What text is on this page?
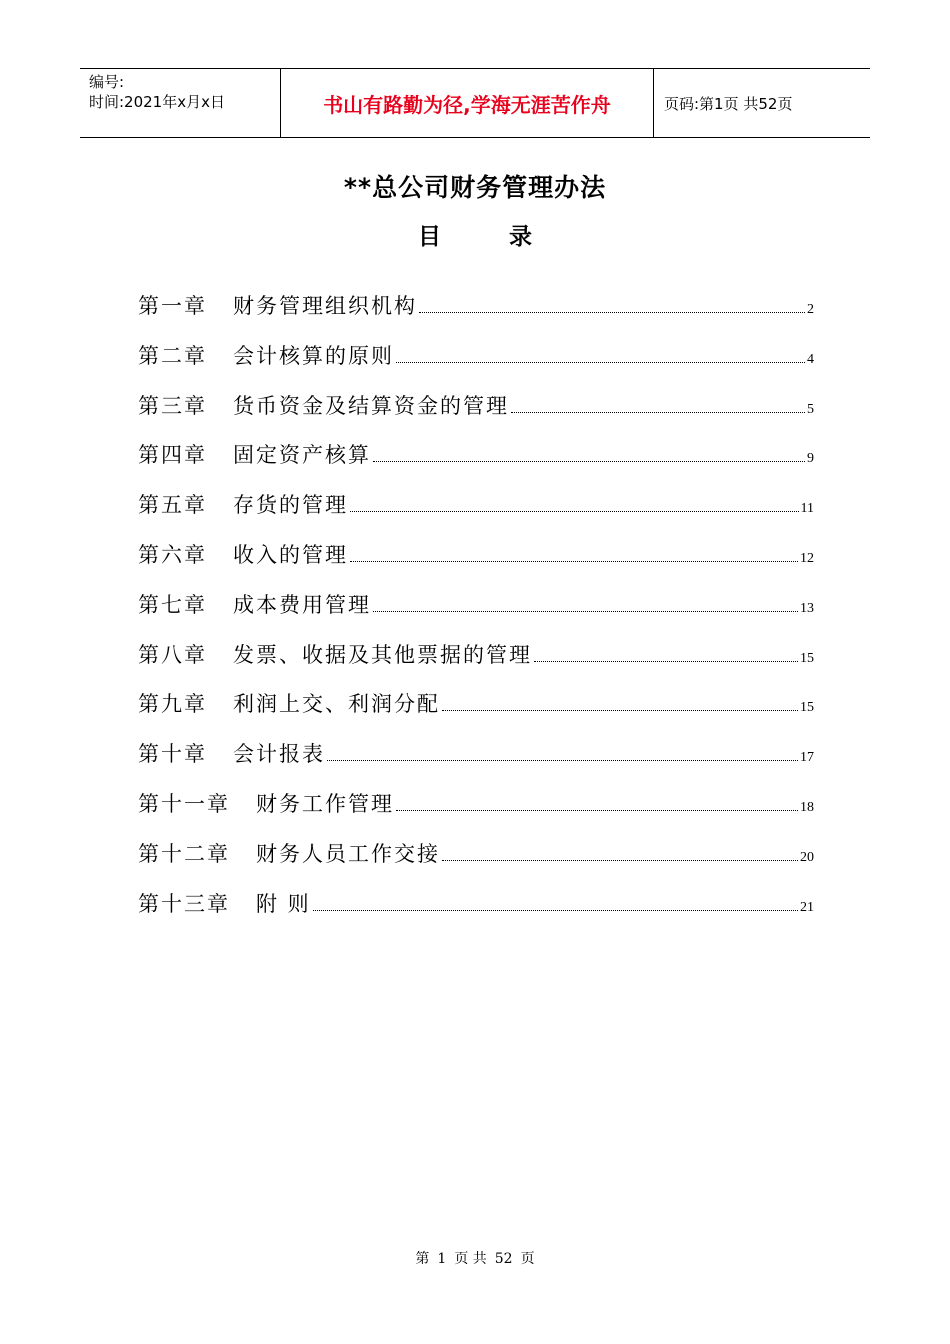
编号:
时间:2021年x月x日	书山有路勤为径,学海无涯苦作舟	页码:第1页 共52页
**总公司财务管理办法
目	录
第一章 财务管理组织机构	2
第二章 会计核算的原则	4
第三章 货币资金及结算资金的管理	5
第四章 固定资产核算	9
第五章 存货的管理	11
第六章 收入的管理	12
第七章 成本费用管理	13
第八章 发票、收据及其他票据的管理	15
第九章 利润上交、利润分配	15
第十章 会计报表	17
第十一章 财务工作管理	18
第十二章 财务人员工作交接	20
第十三章 附 则	21
第 1 页 共 52 页
